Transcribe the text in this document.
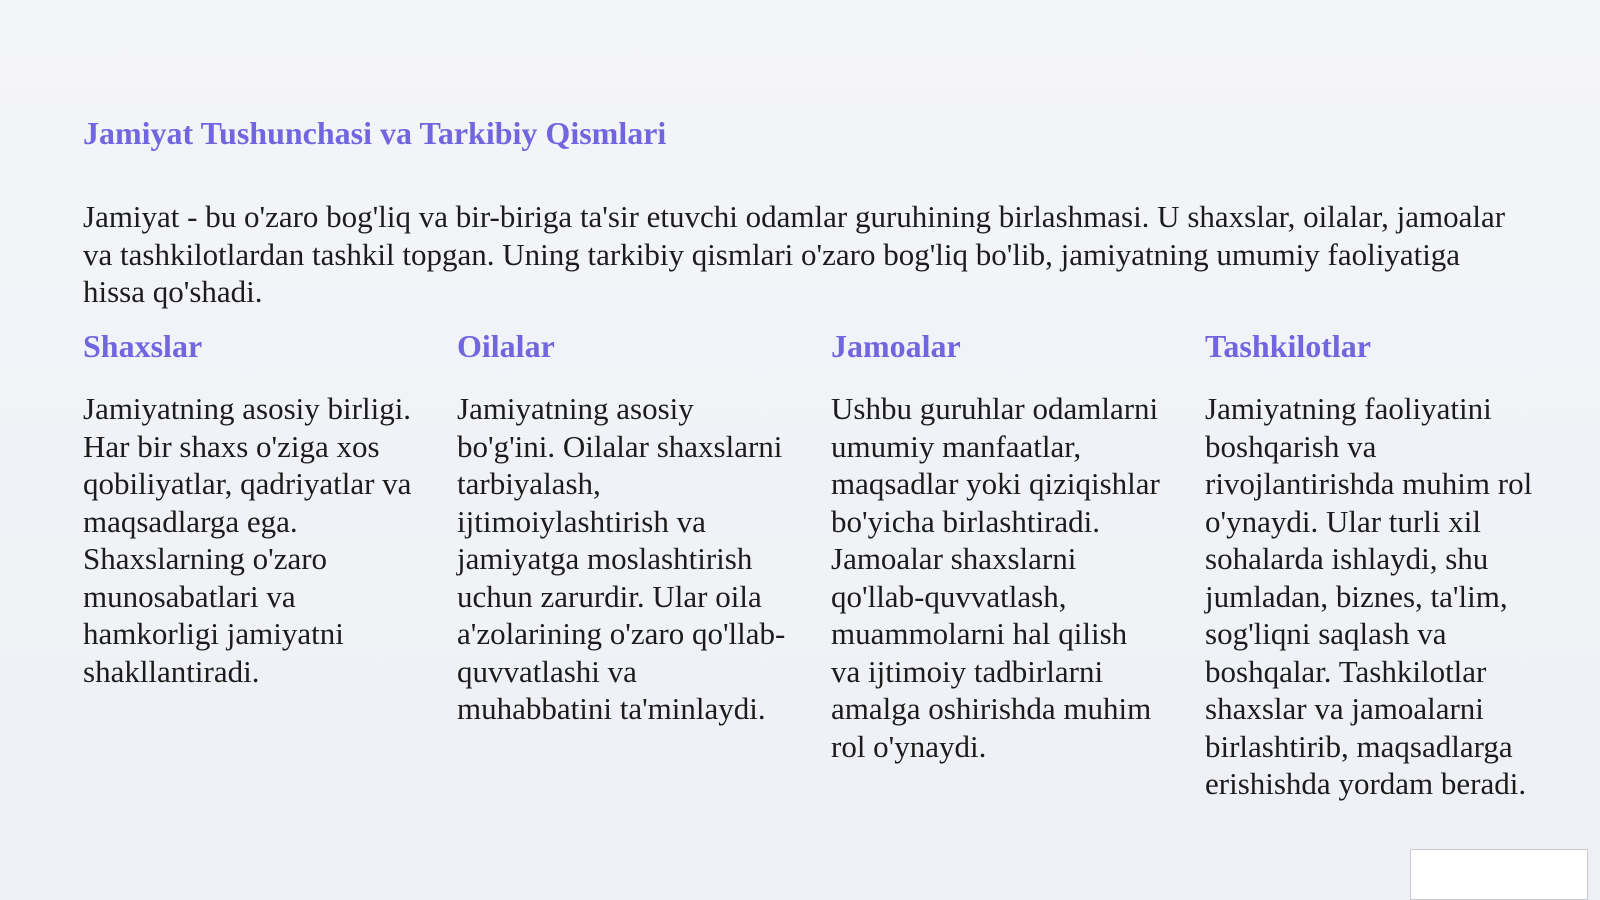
Jamiyat Tushunchasi va Tarkibiy Qismlari
Jamiyat - bu o'zaro bog'liq va bir-biriga ta'sir etuvchi odamlar guruhining birlashmasi. U shaxslar, oilalar, jamoalar va tashkilotlardan tashkil topgan. Uning tarkibiy qismlari o'zaro bog'liq bo'lib, jamiyatning umumiy faoliyatiga hissa qo'shadi.
Shaxslar
Jamiyatning asosiy birligi. Har bir shaxs o'ziga xos qobiliyatlar, qadriyatlar va maqsadlarga ega. Shaxslarning o'zaro munosabatlari va hamkorligi jamiyatni shakllantiradi.
Oilalar
Jamiyatning asosiy bo'g'ini. Oilalar shaxslarni tarbiyalash, ijtimoiylashtirish va jamiyatga moslashtirish uchun zarurdir. Ular oila a'zolarining o'zaro qo'llab-quvvatlashi va muhabbatini ta'minlaydi.
Jamoalar
Ushbu guruhlar odamlarni umumiy manfaatlar, maqsadlar yoki qiziqishlar bo'yicha birlashtiradi. Jamoalar shaxslarni qo'llab-quvvatlash, muammolarni hal qilish va ijtimoiy tadbirlarni amalga oshirishda muhim rol o'ynaydi.
Tashkilotlar
Jamiyatning faoliyatini boshqarish va rivojlantirishda muhim rol o'ynaydi. Ular turli xil sohalarda ishlaydi, shu jumladan, biznes, ta'lim, sog'liqni saqlash va boshqalar. Tashkilotlar shaxslar va jamoalarni birlashtirib, maqsadlarga erishishda yordam beradi.
